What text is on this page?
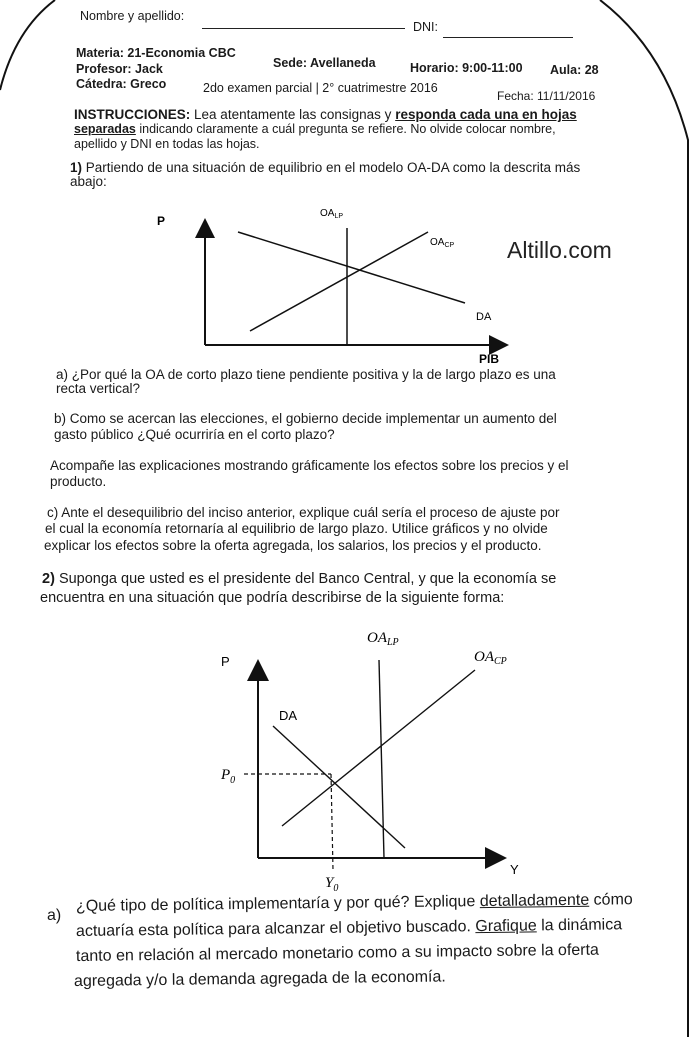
Nombre y apellido:
DNI:
Materia: 21-Economia CBC
Sede: Avellaneda	Horario: 9:00-11:00 Aula: 28
Profesor: Jack
Cátedra: Greco	2do examen parcial | 2° cuatrimestre 2016
Fecha: 11/11/2016
INSTRUCCIONES: Lea atentamente las consignas y responda cada una en hojas
separadas indicando claramente a cuál pregunta se refiere. No olvide colocar nombre,
apellido y DNI en todas las hojas.
1) Partiendo de una situación de equilibrio en el modelo OA-DA como la descrita más
abajo:
P
PIB
$OA_{LP}$
$OA_{CP}$
DA
Altillo.com
a) ¿Por qué la OA de corto plazo tiene pendiente positiva y la de largo plazo es una
recta vertical?
b) Como se acercan las elecciones, el gobierno decide implementar un aumento del
gasto público ¿Qué ocurriría en el corto plazo?
Acompañe las explicaciones mostrando gráficamente los efectos sobre los precios y el
producto.
c) Ante el desequilibrio del inciso anterior, explique cuál sería el proceso de ajuste por
el cual la economía retornaría al equilibrio de largo plazo. Utilice gráficos y no olvide
explicar los efectos sobre la oferta agregada, los salarios, los precios y el producto.
2) Suponga que usted es el presidente del Banco Central, y que la economía se
encuentra en una situación que podría describirse de la siguiente forma:
P
Y
$OA_{LP}$
$OA_{CP}$
DA
$P_0$
$Y_0$
a)
¿Qué tipo de política implementaría y por qué? Explique detalladamente cómo
actuaría esta política para alcanzar el objetivo buscado. Grafique la dinámica
tanto en relación al mercado monetario como a su impacto sobre la oferta
agregada y/o la demanda agregada de la economía.
